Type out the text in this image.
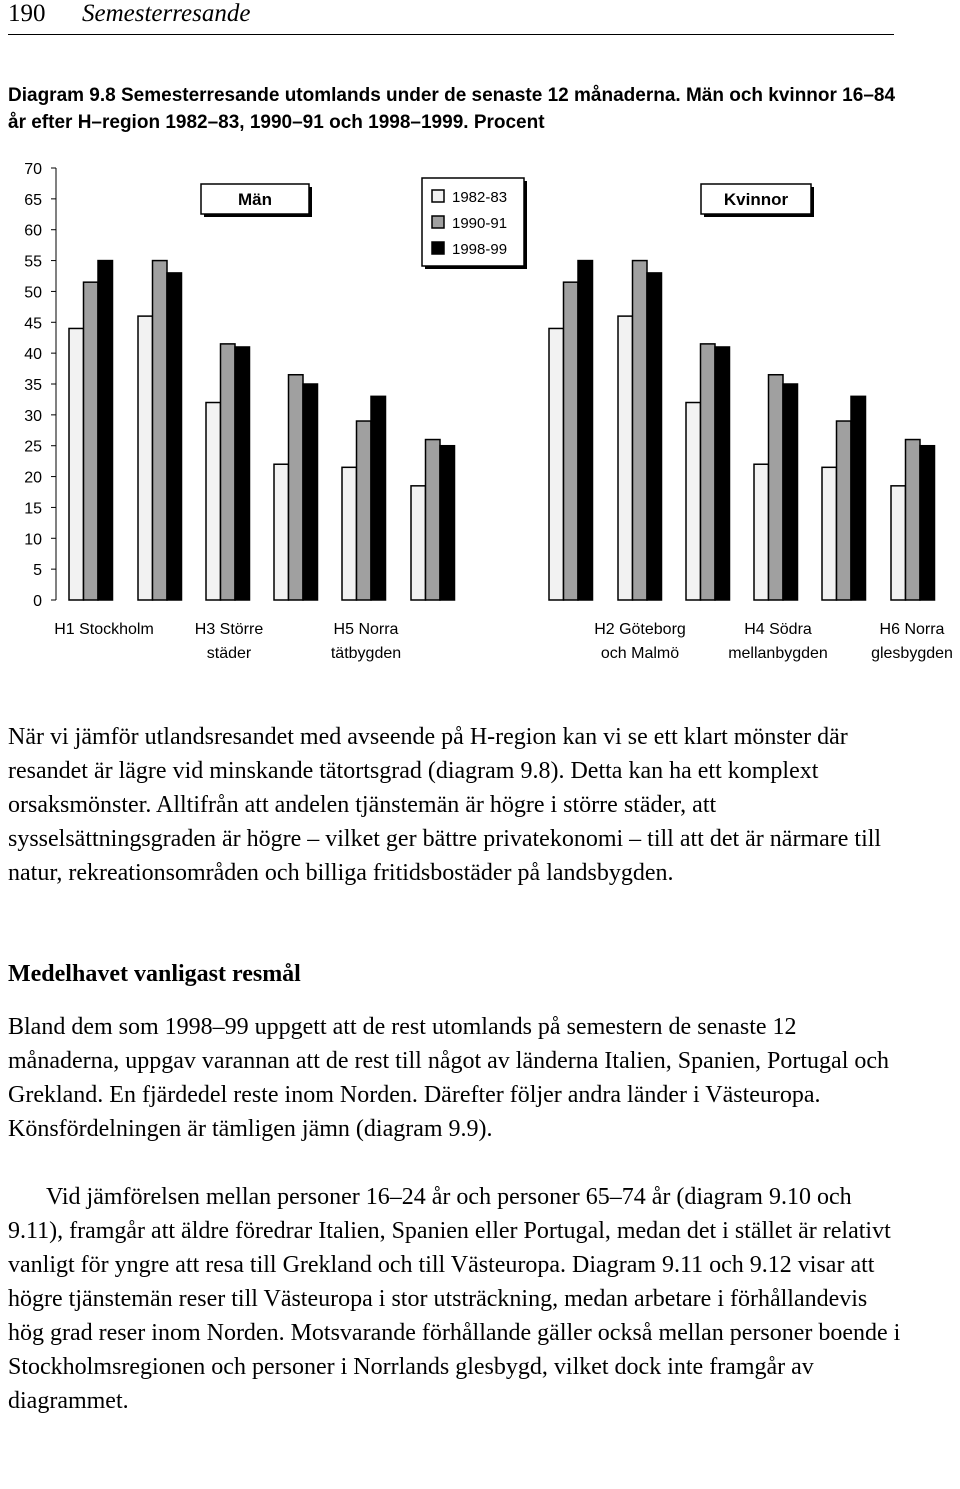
190 Semesterresande

Diagram 9.8 Semesterresande utomlands under de senaste 12 månaderna. Män och kvinnor 16–84 år efter H–region 1982–83, 1990–91 och 1998–1999. Procent

0
5
10
15
20
25
30
35
40
45
50
55
60
65
70
H1 Stockholm	H3 Större
städer
H5 Norra
tätbygden
H2 Göteborg
och Malmö
H4 Södra
mellanbygden
H6 Norra
glesbygden
Män	Kvinnor
1982-83
1990-91
1998-99

När vi jämför utlandsresandet med avseende på H-region kan vi se ett klart mönster där resandet är lägre vid minskande tätortsgrad (diagram 9.8). Detta kan ha ett komplext orsaksmönster. Alltifrån att andelen tjänstemän är högre i större städer, att sysselsättningsgraden är högre – vilket ger bättre privatekonomi – till att det är närmare till natur, rekreationsområden och billiga fritidsbostäder på landsbygden.

Medelhavet vanligast resmål

Bland dem som 1998–99 uppgett att de rest utomlands på semestern de senaste 12 månaderna, uppgav varannan att de rest till något av länderna Italien, Spanien, Portugal och Grekland. En fjärdedel reste inom Norden. Därefter följer andra länder i Västeuropa. Könsfördelningen är tämligen jämn (diagram 9.9).

Vid jämförelsen mellan personer 16–24 år och personer 65–74 år (diagram 9.10 och 9.11), framgår att äldre föredrar Italien, Spanien eller Portugal, medan det i stället är relativt vanligt för yngre att resa till Grekland och till Västeuropa. Diagram 9.11 och 9.12 visar att högre tjänstemän reser till Västeuropa i stor utsträckning, medan arbetare i förhållandevis hög grad reser inom Norden. Motsvarande förhållande gäller också mellan personer boende i Stockholmsregionen och personer i Norrlands glesbygd, vilket dock inte framgår av diagrammet.
